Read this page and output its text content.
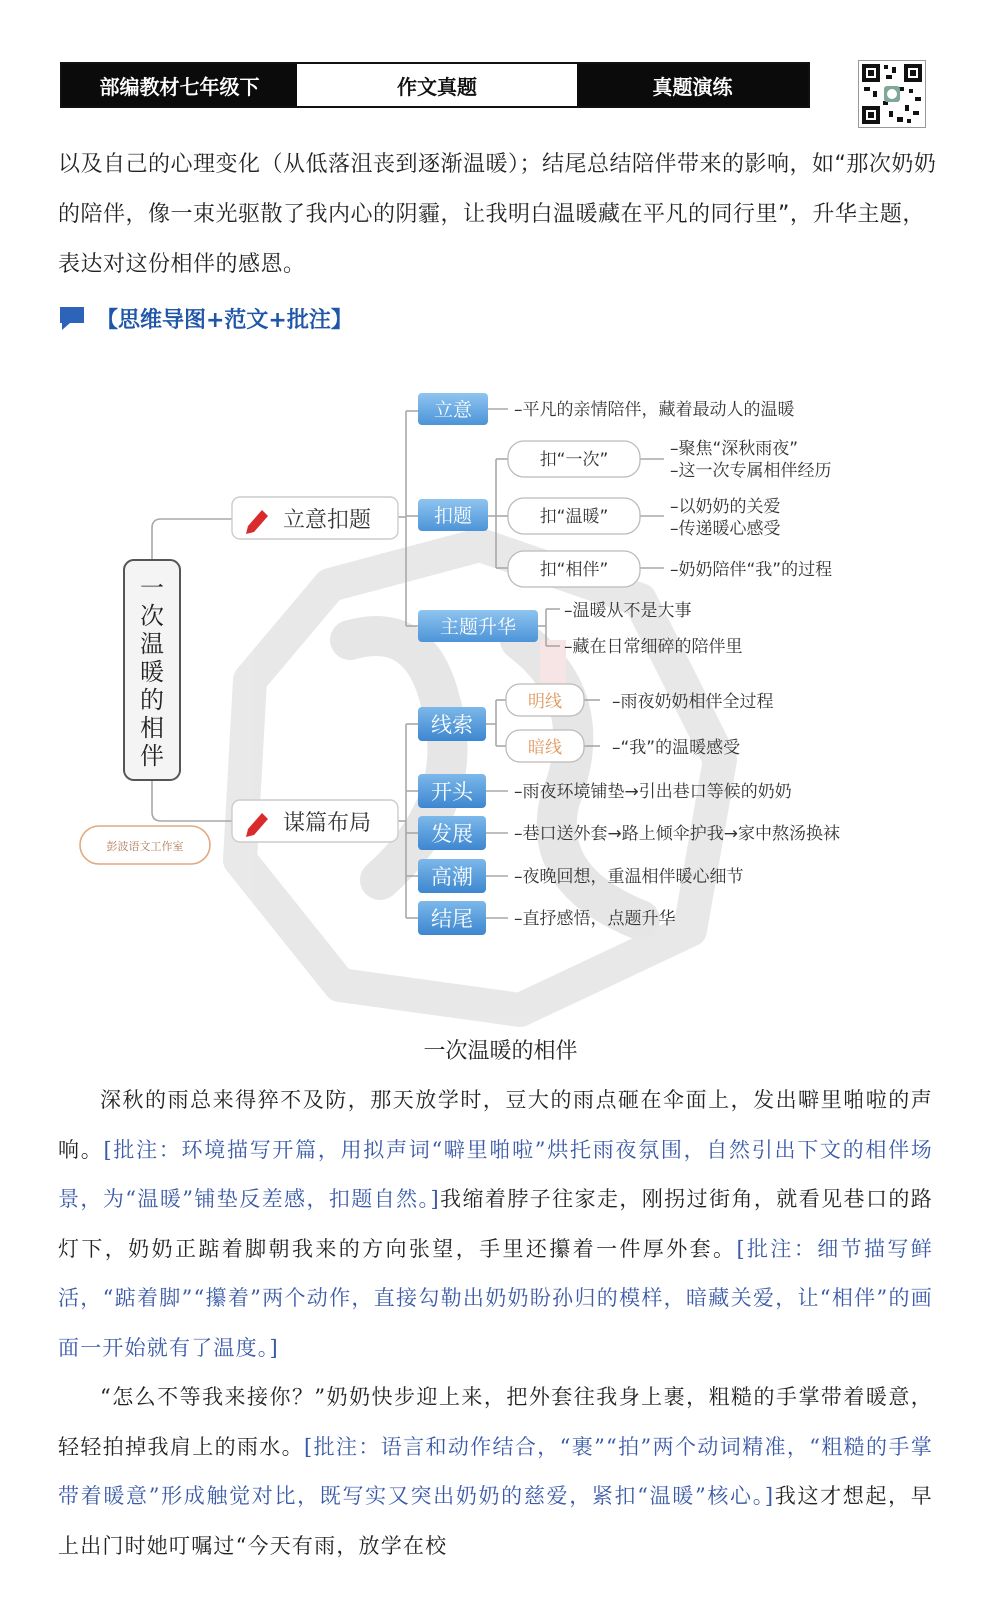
部编教材七年级下	作文真题	真题演练
以及自己的心理变化（从低落沮丧到逐渐温暖）；结尾总结陪伴带来的影响，如“那次奶奶的陪伴，像一束光驱散了我内心的阴霾，让我明白温暖藏在平凡的同行里”，升华主题，表达对这份相伴的感恩。
【思维导图+范文+批注】
一次温暖的相伴
彭波语文工作室
立意扣题
立意 –平凡的亲情陪伴，藏着最动人的温暖
扣题
扣“一次”
–聚焦“深秋雨夜”
–这一次专属相伴经历
扣“温暖”	–以奶奶的关爱
–传递暖心感受
扣“相伴”	–奶奶陪伴“我”的过程
主题升华
–温暖从不是大事
–藏在日常细碎的陪伴里
谋篇布局
线索
明线	–雨夜奶奶相伴全过程
暗线	–“我”的温暖感受
开头 –雨夜环境铺垫→引出巷口等候的奶奶
发展 –巷口送外套→路上倾伞护我→家中熬汤换袜
高潮 –夜晚回想，重温相伴暖心细节
结尾 –直抒感悟，点题升华
一次温暖的相伴

深秋的雨总来得猝不及防，那天放学时，豆大的雨点砸在伞面上，发出噼里啪啦的声响。[批注：环境描写开篇，用拟声词“噼里啪啦”烘托雨夜氛围，自然引出下文的相伴场景，为“温暖”铺垫反差感，扣题自然。]我缩着脖子往家走，刚拐过街角，就看见巷口的路灯下，奶奶正踮着脚朝我来的方向张望，手里还攥着一件厚外套。[批注：细节描写鲜活，“踮着脚”“攥着”两个动作，直接勾勒出奶奶盼孙归的模样，暗藏关爱，让“相伴”的画面一开始就有了温度。]

“怎么不等我来接你？”奶奶快步迎上来，把外套往我身上裹，粗糙的手掌带着暖意，轻轻拍掉我肩上的雨水。[批注：语言和动作结合，“裹”“拍”两个动词精准，“粗糙的手掌带着暖意”形成触觉对比，既写实又突出奶奶的慈爱，紧扣“温暖”核心。]我这才想起，早上出门时她叮嘱过“今天有雨，放学在校
